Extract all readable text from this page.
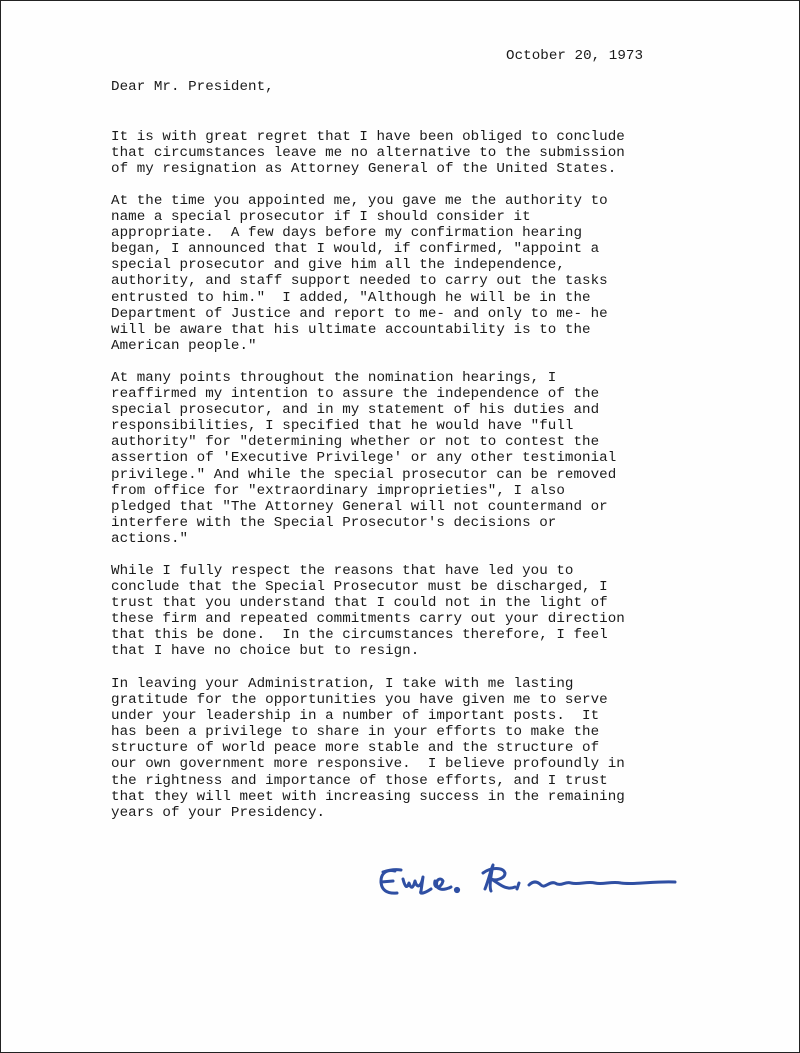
October 20, 1973
Dear Mr. President,
It is with great regret that I have been obliged to conclude
that circumstances leave me no alternative to the submission
of my resignation as Attorney General of the United States.
At the time you appointed me, you gave me the authority to
name a special prosecutor if I should consider it
appropriate.  A few days before my confirmation hearing
began, I announced that I would, if confirmed, "appoint a
special prosecutor and give him all the independence,
authority, and staff support needed to carry out the tasks
entrusted to him."  I added, "Although he will be in the
Department of Justice and report to me- and only to me- he
will be aware that his ultimate accountability is to the
American people."
At many points throughout the nomination hearings, I
reaffirmed my intention to assure the independence of the
special prosecutor, and in my statement of his duties and
responsibilities, I specified that he would have "full
authority" for "determining whether or not to contest the
assertion of 'Executive Privilege' or any other testimonial
privilege." And while the special prosecutor can be removed
from office for "extraordinary improprieties", I also
pledged that "The Attorney General will not countermand or
interfere with the Special Prosecutor's decisions or
actions."
While I fully respect the reasons that have led you to
conclude that the Special Prosecutor must be discharged, I
trust that you understand that I could not in the light of
these firm and repeated commitments carry out your direction
that this be done.  In the circumstances therefore, I feel
that I have no choice but to resign.
In leaving your Administration, I take with me lasting
gratitude for the opportunities you have given me to serve
under your leadership in a number of important posts.  It
has been a privilege to share in your efforts to make the
structure of world peace more stable and the structure of
our own government more responsive.  I believe profoundly in
the rightness and importance of those efforts, and I trust
that they will meet with increasing success in the remaining
years of your Presidency.
